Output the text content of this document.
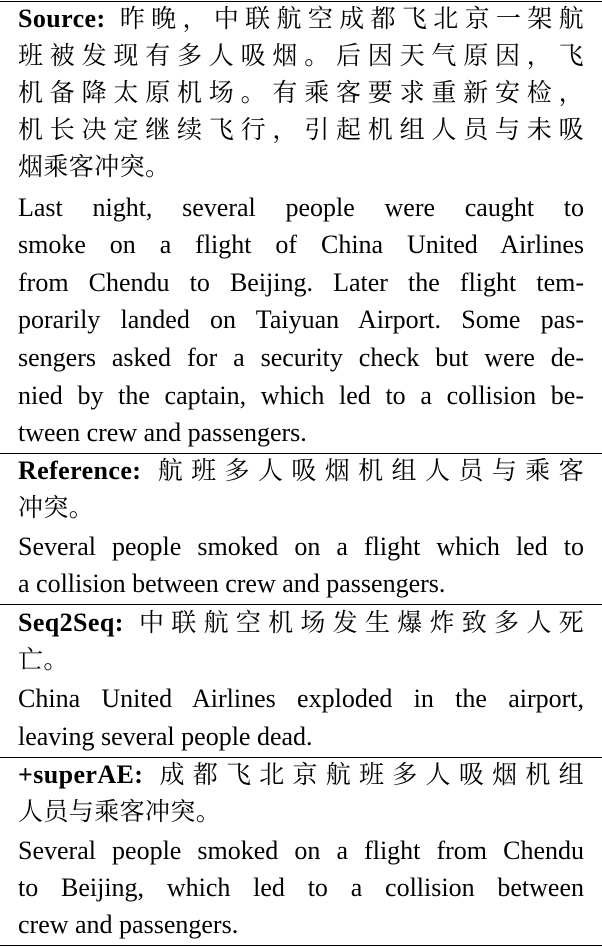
Source: 昨晚，中联航空成都飞北京一架航
班被发现有多人吸烟。后因天气原因，飞
机备降太原机场。有乘客要求重新安检，
机长决定继续飞行，引起机组人员与未吸
烟乘客冲突。
Last night, several people were caught to
smoke on a flight of China United Airlines
from Chendu to Beijing. Later the flight tem-
porarily landed on Taiyuan Airport. Some pas-
sengers asked for a security check but were de-
nied by the captain, which led to a collision be-
tween crew and passengers.
Reference: 航班多人吸烟机组人员与乘客
冲突。
Several people smoked on a flight which led to
a collision between crew and passengers.
Seq2Seq: 中联航空机场发生爆炸致多人死
亡。
China United Airlines exploded in the airport,
leaving several people dead.
+superAE: 成都飞北京航班多人吸烟机组
人员与乘客冲突。
Several people smoked on a flight from Chendu
to Beijing, which led to a collision between
crew and passengers.
